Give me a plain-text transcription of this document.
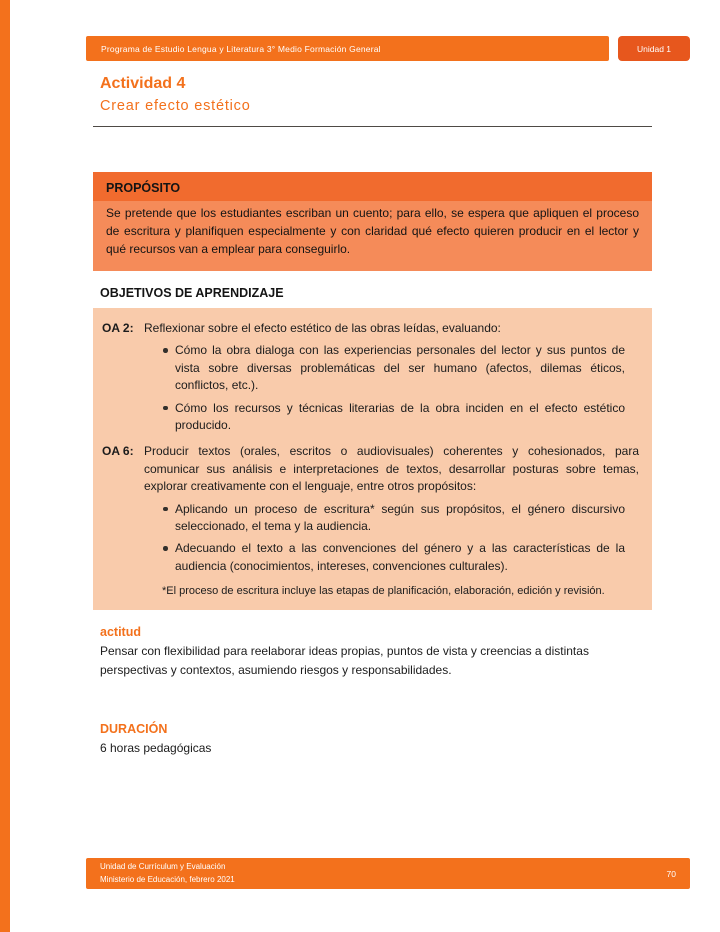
Programa de Estudio Lengua y Literatura 3° Medio Formación General	Unidad 1
Actividad 4
Crear efecto estético
PROPÓSITO
Se pretende que los estudiantes escriban un cuento; para ello, se espera que apliquen el proceso de escritura y planifiquen especialmente y con claridad qué efecto quieren producir en el lector y qué recursos van a emplear para conseguirlo.
OBJETIVOS DE APRENDIZAJE
OA 2: Reflexionar sobre el efecto estético de las obras leídas, evaluando:
Cómo la obra dialoga con las experiencias personales del lector y sus puntos de vista sobre diversas problemáticas del ser humano (afectos, dilemas éticos, conflictos, etc.).
Cómo los recursos y técnicas literarias de la obra inciden en el efecto estético producido.
OA 6: Producir textos (orales, escritos o audiovisuales) coherentes y cohesionados, para comunicar sus análisis e interpretaciones de textos, desarrollar posturas sobre temas, explorar creativamente con el lenguaje, entre otros propósitos:
Aplicando un proceso de escritura* según sus propósitos, el género discursivo seleccionado, el tema y la audiencia.
Adecuando el texto a las convenciones del género y a las características de la audiencia (conocimientos, intereses, convenciones culturales).
*El proceso de escritura incluye las etapas de planificación, elaboración, edición y revisión.
actitud

Pensar con flexibilidad para reelaborar ideas propias, puntos de vista y creencias a distintas perspectivas y contextos, asumiendo riesgos y responsabilidades.

DURACIÓN

6 horas pedagógicas

Unidad de Currículum y Evaluación
Ministerio de Educación, febrero 2021
70
